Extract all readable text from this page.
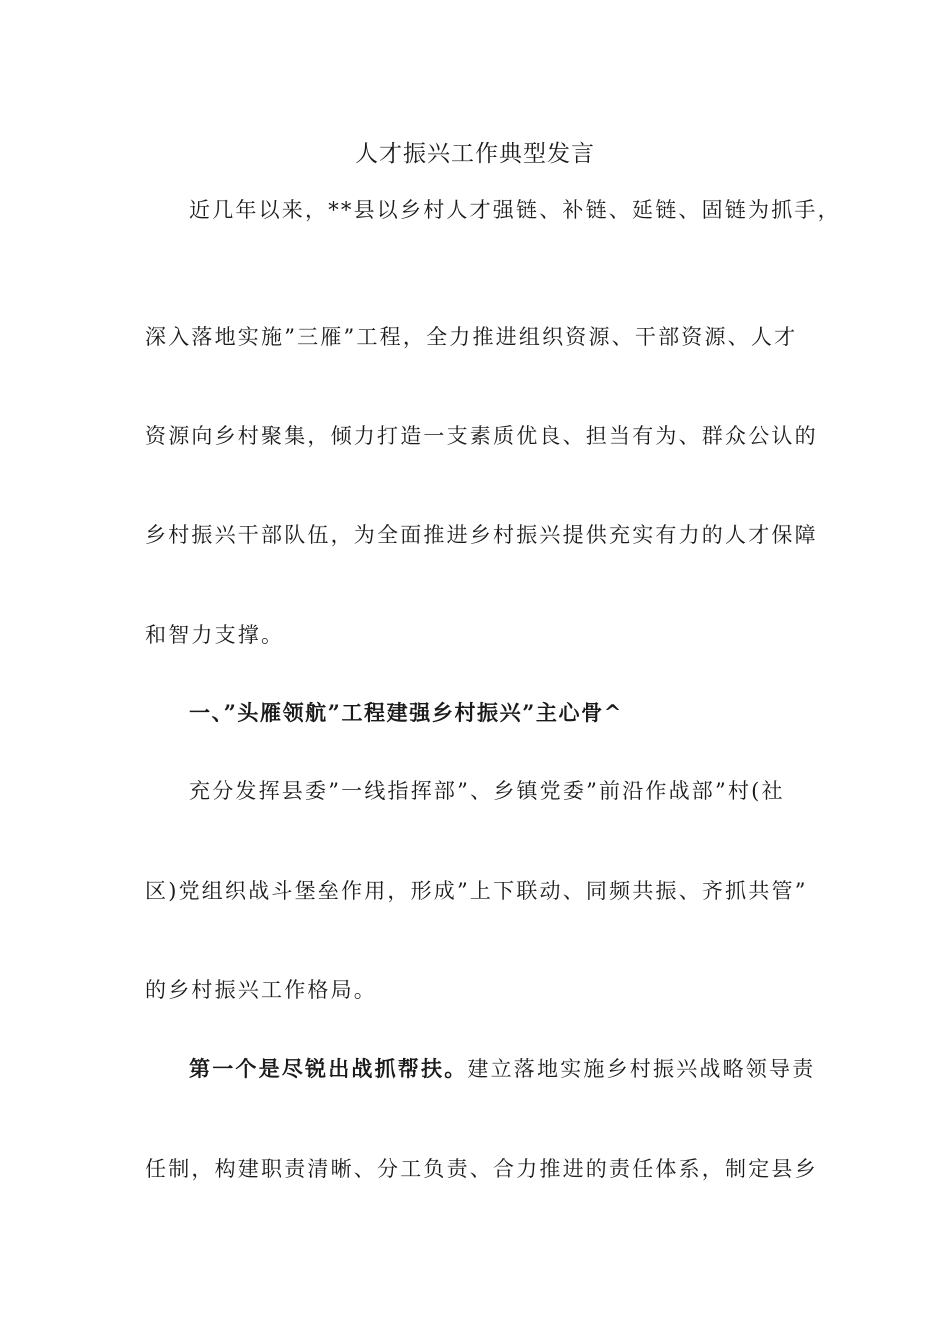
人才振兴工作典型发言
近几年以来，**县以乡村人才强链、补链、延链、固链为抓手，
深入落地实施”三雁”工程，全力推进组织资源、干部资源、人才
资源向乡村聚集，倾力打造一支素质优良、担当有为、群众公认的
乡村振兴干部队伍，为全面推进乡村振兴提供充实有力的人才保障
和智力支撑。
一、”头雁领航”工程建强乡村振兴”主心骨^
充分发挥县委”一线指挥部”、乡镇党委”前沿作战部”村(社
区)党组织战斗堡垒作用，形成”上下联动、同频共振、齐抓共管”
的乡村振兴工作格局。
第一个是尽锐出战抓帮扶。建立落地实施乡村振兴战略领导责
任制，构建职责清晰、分工负责、合力推进的责任体系，制定县乡
